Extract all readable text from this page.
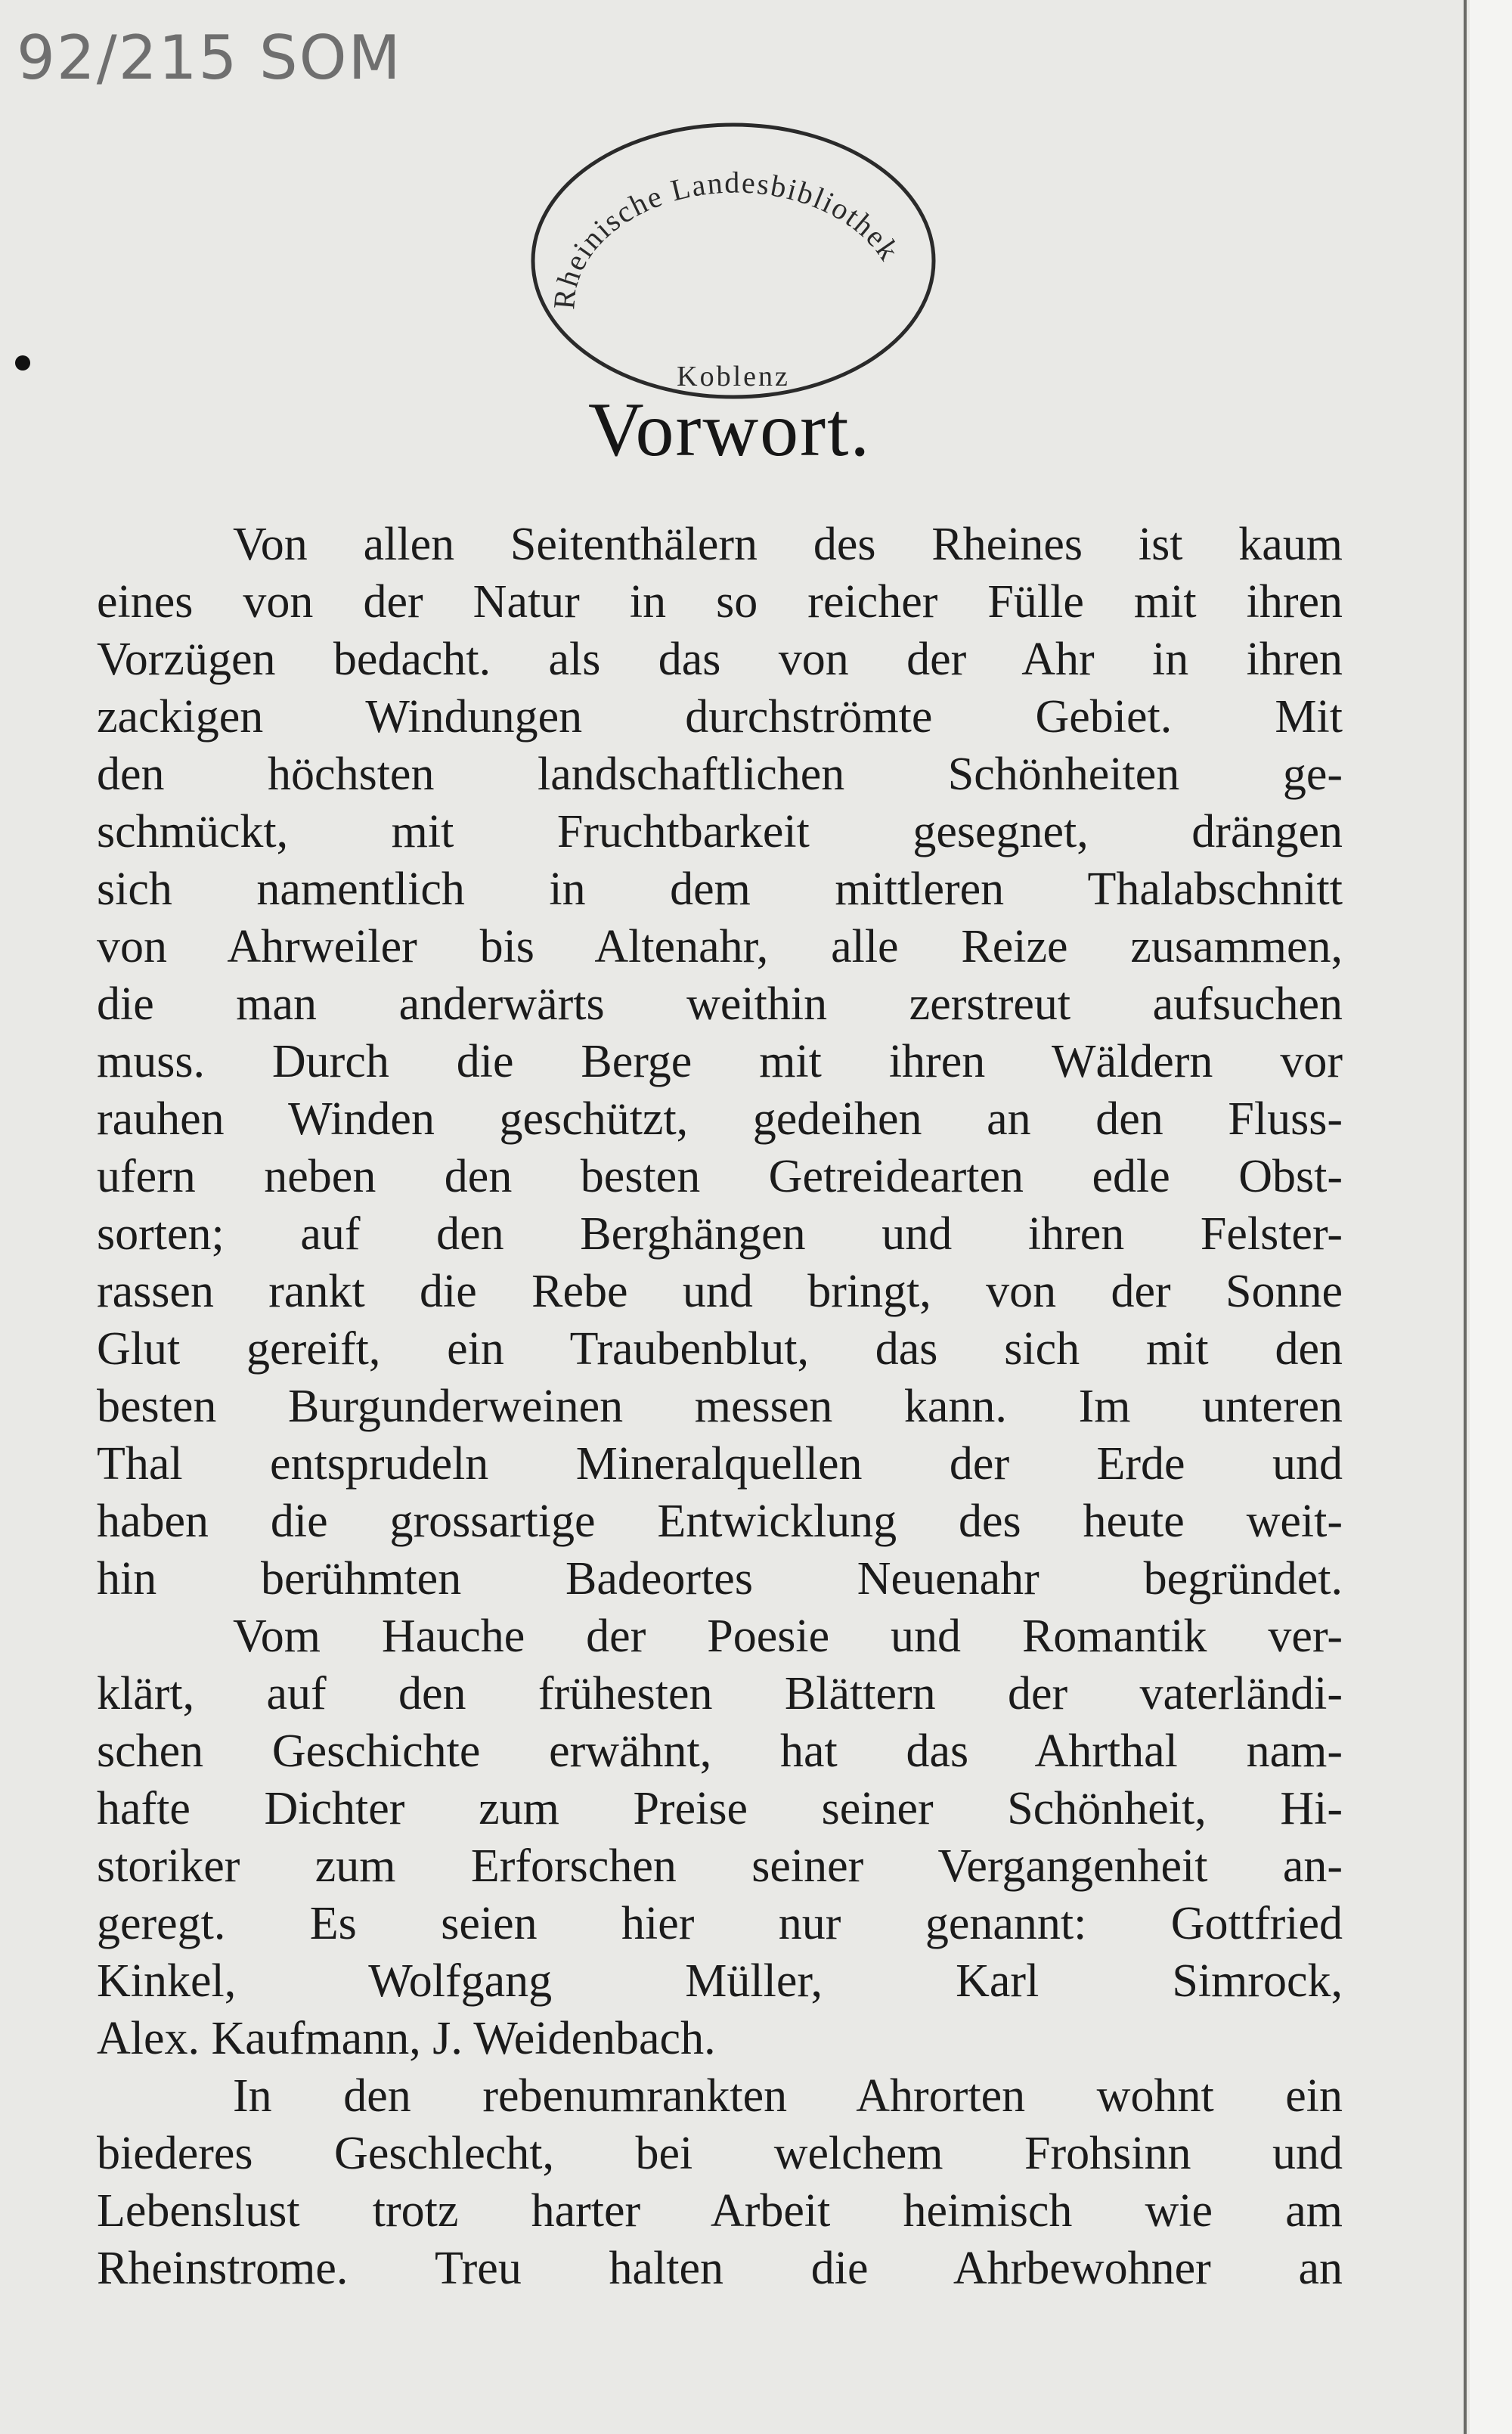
92/215 SOM
Rheinische Landesbibliothek
Koblenz
Vorwort.
Von allen Seitenthälern des Rheines ist kaum
eines von der Natur in so reicher Fülle mit ihren
Vorzügen bedacht. als das von der Ahr in ihren
zackigen Windungen durchströmte Gebiet. Mit
den höchsten landschaftlichen Schönheiten ge-
schmückt, mit Fruchtbarkeit gesegnet, drängen
sich namentlich in dem mittleren Thalabschnitt
von Ahrweiler bis Altenahr, alle Reize zusammen,
die man anderwärts weithin zerstreut aufsuchen
muss. Durch die Berge mit ihren Wäldern vor
rauhen Winden geschützt, gedeihen an den Fluss-
ufern neben den besten Getreidearten edle Obst-
sorten; auf den Berghängen und ihren Felster-
rassen rankt die Rebe und bringt, von der Sonne
Glut gereift, ein Traubenblut, das sich mit den
besten Burgunderweinen messen kann. Im unteren
Thal entsprudeln Mineralquellen der Erde und
haben die grossartige Entwicklung des heute weit-
hin berühmten Badeortes Neuenahr begründet.
Vom Hauche der Poesie und Romantik ver-
klärt, auf den frühesten Blättern der vaterländi-
schen Geschichte erwähnt, hat das Ahrthal nam-
hafte Dichter zum Preise seiner Schönheit, Hi-
storiker zum Erforschen seiner Vergangenheit an-
geregt. Es seien hier nur genannt: Gottfried
Kinkel, Wolfgang Müller, Karl Simrock,
Alex. Kaufmann, J. Weidenbach.
In den rebenumrankten Ahrorten wohnt ein
biederes Geschlecht, bei welchem Frohsinn und
Lebenslust trotz harter Arbeit heimisch wie am
Rheinstrome. Treu halten die Ahrbewohner an
